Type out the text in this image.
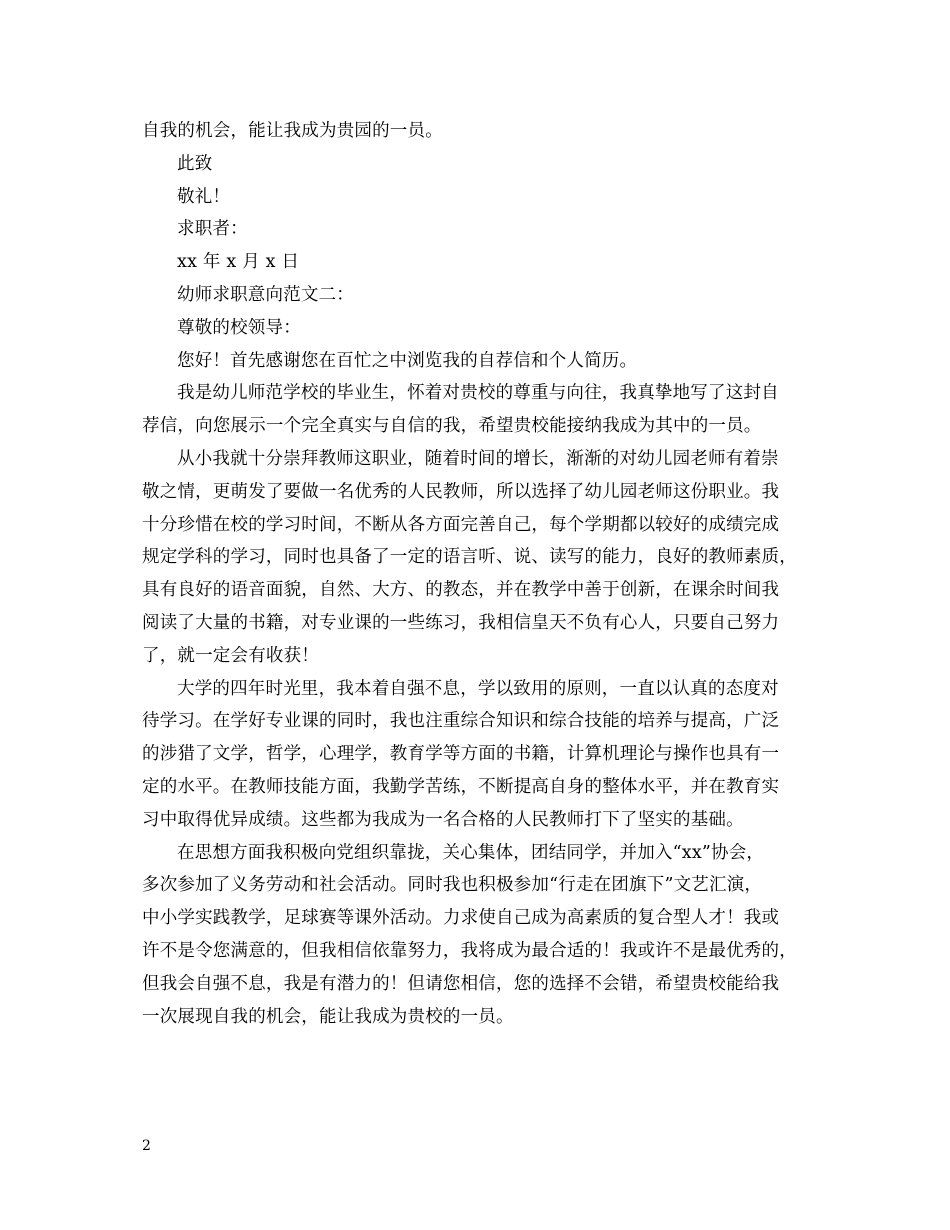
自我的机会，能让我成为贵园的一员。
此致
敬礼！
求职者：
xx 年 x 月 x 日
幼师求职意向范文二：
尊敬的校领导：
您好！首先感谢您在百忙之中浏览我的自荐信和个人简历。
我是幼儿师范学校的毕业生，怀着对贵校的尊重与向往，我真挚地写了这封自
荐信，向您展示一个完全真实与自信的我，希望贵校能接纳我成为其中的一员。
从小我就十分崇拜教师这职业，随着时间的增长，渐渐的对幼儿园老师有着崇
敬之情，更萌发了要做一名优秀的人民教师，所以选择了幼儿园老师这份职业。我
十分珍惜在校的学习时间，不断从各方面完善自己，每个学期都以较好的成绩完成
规定学科的学习，同时也具备了一定的语言听、说、读写的能力，良好的教师素质，
具有良好的语音面貌，自然、大方、的教态，并在教学中善于创新，在课余时间我
阅读了大量的书籍，对专业课的一些练习，我相信皇天不负有心人，只要自己努力
了，就一定会有收获！
大学的四年时光里，我本着自强不息，学以致用的原则，一直以认真的态度对
待学习。在学好专业课的同时，我也注重综合知识和综合技能的培养与提高，广泛
的涉猎了文学，哲学，心理学，教育学等方面的书籍，计算机理论与操作也具有一
定的水平。在教师技能方面，我勤学苦练，不断提高自身的整体水平，并在教育实
习中取得优异成绩。这些都为我成为一名合格的人民教师打下了坚实的基础。
在思想方面我积极向党组织靠拢，关心集体，团结同学，并加入“xx”协会，
多次参加了义务劳动和社会活动。同时我也积极参加“行走在团旗下”文艺汇演，
中小学实践教学，足球赛等课外活动。力求使自己成为高素质的复合型人才！我或
许不是令您满意的，但我相信依靠努力，我将成为最合适的！我或许不是最优秀的，
但我会自强不息，我是有潜力的！但请您相信，您的选择不会错，希望贵校能给我
一次展现自我的机会，能让我成为贵校的一员。
2
